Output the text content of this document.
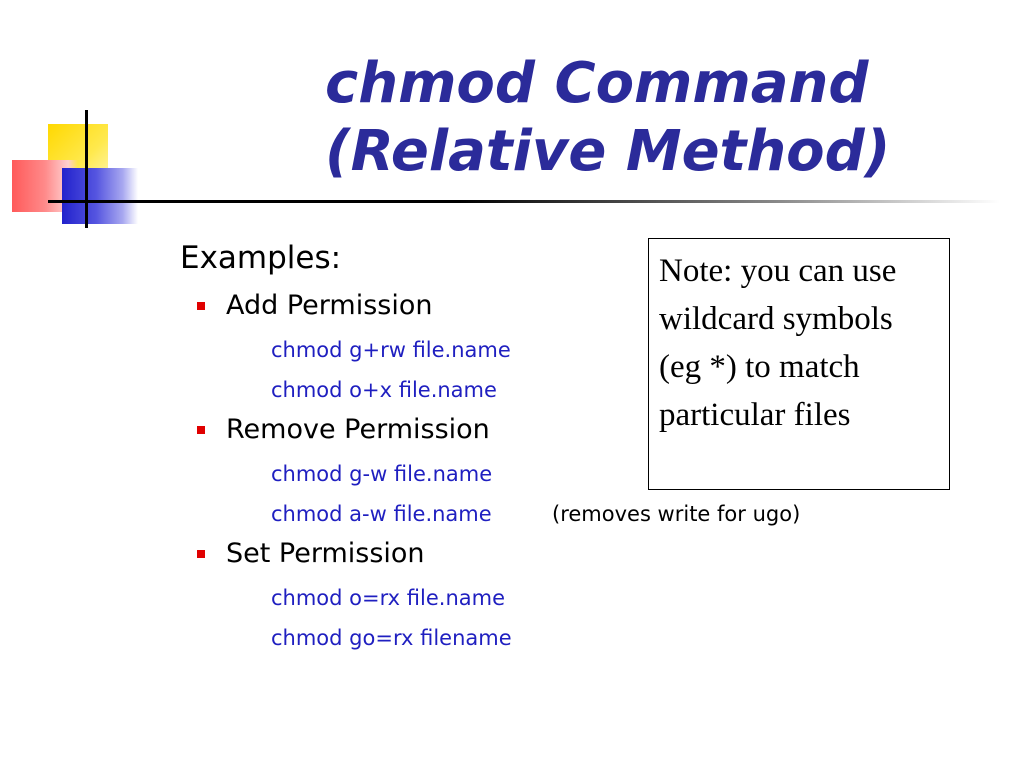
chmod Command
(Relative Method)
Examples:
Add Permission
chmod g+rw file.name
chmod o+x file.name
Remove Permission
chmod g-w file.name
chmod a-w file.name	(removes write for ugo)
Set Permission
chmod o=rx file.name
chmod go=rx filename
Note: you can use wildcard symbols (eg *) to match particular files
